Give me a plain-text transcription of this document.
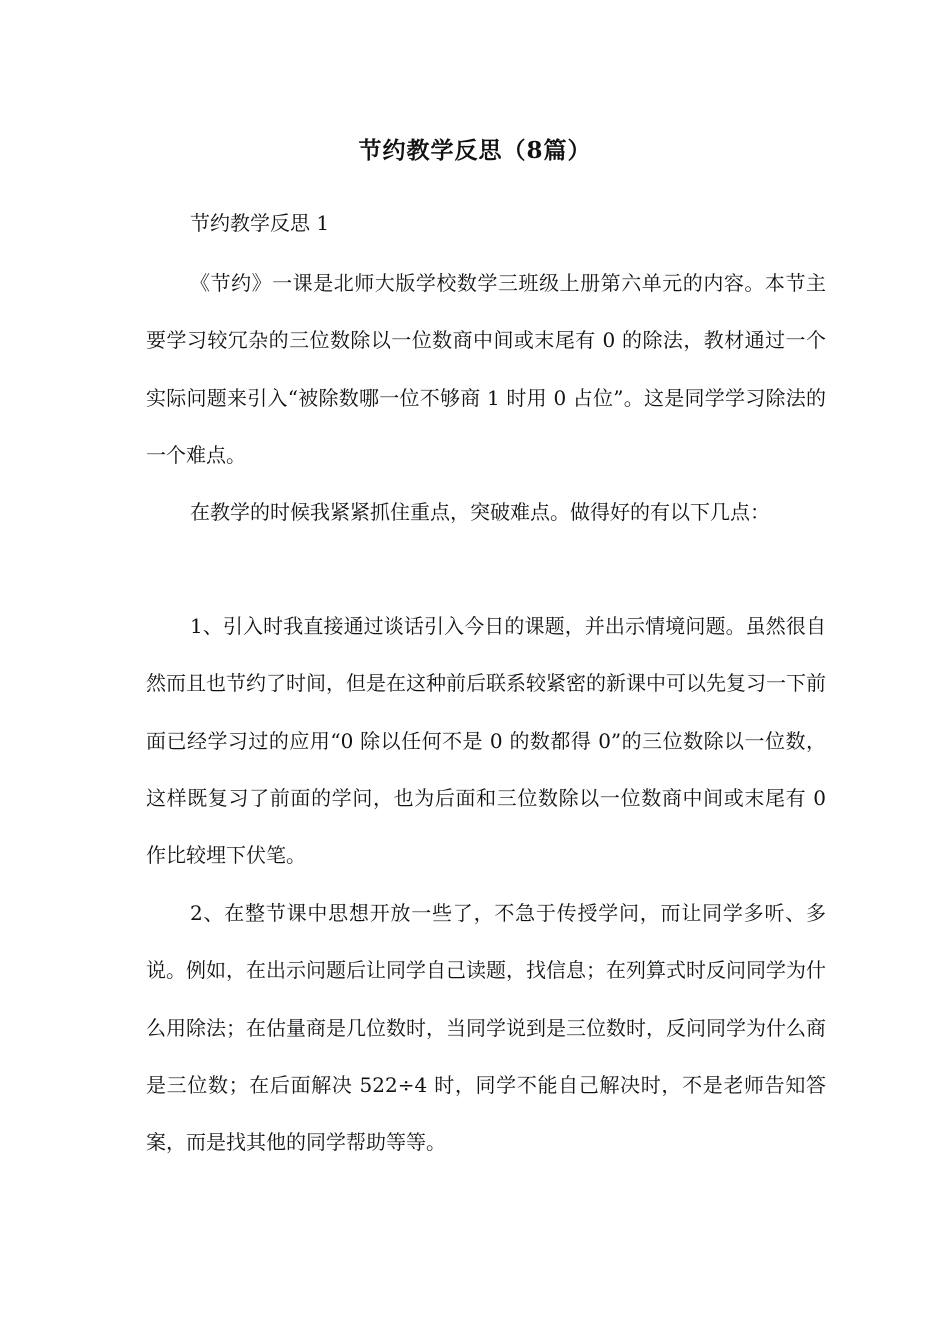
节约教学反思（8篇）

节约教学反思 1

《节约》一课是北师大版学校数学三班级上册第六单元的内容。本节主要学习较冗杂的三位数除以一位数商中间或末尾有 0 的除法，教材通过一个实际问题来引入“被除数哪一位不够商 1 时用 0 占位”。这是同学学习除法的一个难点。

在教学的时候我紧紧抓住重点，突破难点。做得好的有以下几点：

1、引入时我直接通过谈话引入今日的课题，并出示情境问题。虽然很自然而且也节约了时间，但是在这种前后联系较紧密的新课中可以先复习一下前面已经学习过的应用“0 除以任何不是 0 的数都得 0”的三位数除以一位数，这样既复习了前面的学问，也为后面和三位数除以一位数商中间或末尾有 0 作比较埋下伏笔。

2、在整节课中思想开放一些了，不急于传授学问，而让同学多听、多说。例如，在出示问题后让同学自己读题，找信息；在列算式时反问同学为什么用除法；在估量商是几位数时，当同学说到是三位数时，反问同学为什么商是三位数；在后面解决 522÷4 时，同学不能自己解决时，不是老师告知答案，而是找其他的同学帮助等等。
